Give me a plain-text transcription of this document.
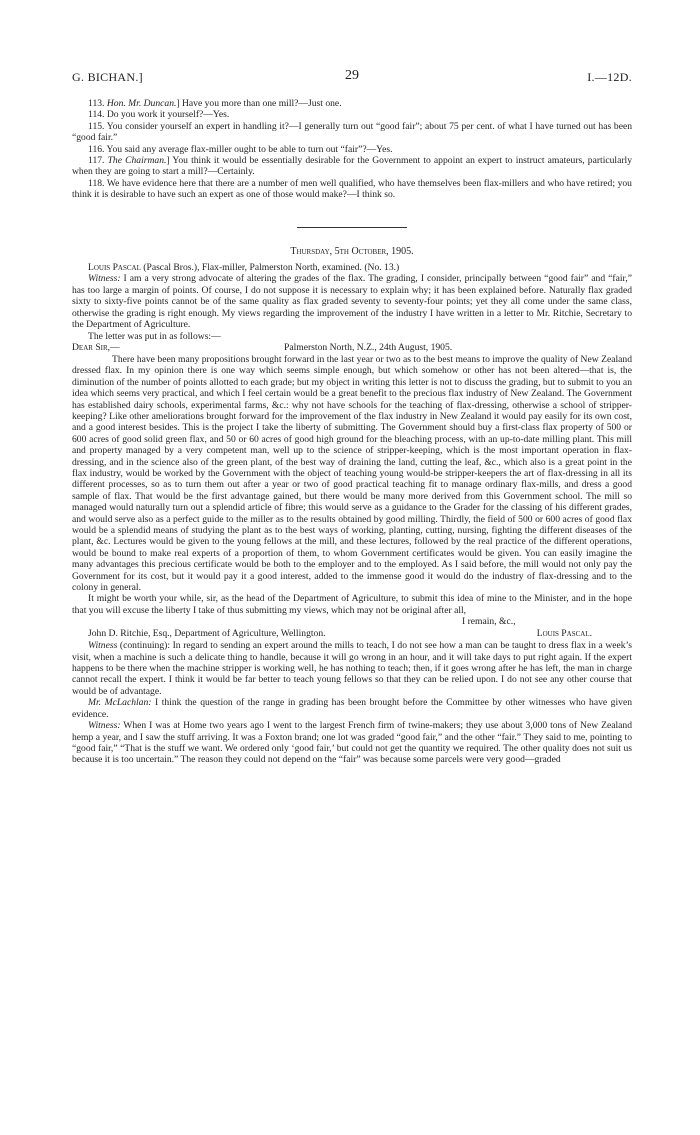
G. BICHAN.]	29	I.—12D.

113. Hon. Mr. Duncan.] Have you more than one mill?—Just one.

114. Do you work it yourself?—Yes.

115. You consider yourself an expert in handling it?—I generally turn out “good fair”; about 75 per cent. of what I have turned out has been “good fair.”

116. You said any average flax-miller ought to be able to turn out “fair”?—Yes.

117. The Chairman.] You think it would be essentially desirable for the Government to appoint an expert to instruct amateurs, particularly when they are going to start a mill?—Certainly.

118. We have evidence here that there are a number of men well qualified, who have themselves been flax-millers and who have retired; you think it is desirable to have such an expert as one of those would make?—I think so.

Thursday, 5th October, 1905.

Louis Pascal (Pascal Bros.), Flax-miller, Palmerston North, examined. (No. 13.)

Witness: I am a very strong advocate of altering the grades of the flax. The grading, I consider, principally between “good fair” and “fair,” has too large a margin of points. Of course, I do not suppose it is necessary to explain why; it has been explained before. Naturally flax graded sixty to sixty-five points cannot be of the same quality as flax graded seventy to seventy-four points; yet they all come under the same class, otherwise the grading is right enough. My views regarding the improvement of the industry I have written in a letter to Mr. Ritchie, Secretary to the Department of Agriculture.

The letter was put in as follows:—

Dear Sir,—	Palmerston North, N.Z., 24th August, 1905.

There have been many propositions brought forward in the last year or two as to the best means to improve the quality of New Zealand dressed flax. In my opinion there is one way which seems simple enough, but which somehow or other has not been altered—that is, the diminution of the number of points allotted to each grade; but my object in writing this letter is not to discuss the grading, but to submit to you an idea which seems very practical, and which I feel certain would be a great benefit to the precious flax industry of New Zealand. The Government has established dairy schools, experimental farms, &c.: why not have schools for the teaching of flax-dressing, otherwise a school of stripper-keeping? Like other ameliorations brought forward for the improvement of the flax industry in New Zealand it would pay easily for its own cost, and a good interest besides. This is the project I take the liberty of submitting. The Government should buy a first-class flax property of 500 or 600 acres of good solid green flax, and 50 or 60 acres of good high ground for the bleaching process, with an up-to-date milling plant. This mill and property managed by a very competent man, well up to the science of stripper-keeping, which is the most important operation in flax-dressing, and in the science also of the green plant, of the best way of draining the land, cutting the leaf, &c., which also is a great point in the flax industry, would be worked by the Government with the object of teaching young would-be stripper-keepers the art of flax-dressing in all its different processes, so as to turn them out after a year or two of good practical teaching fit to manage ordinary flax-mills, and dress a good sample of flax. That would be the first advantage gained, but there would be many more derived from this Government school. The mill so managed would naturally turn out a splendid article of fibre; this would serve as a guidance to the Grader for the classing of his different grades, and would serve also as a perfect guide to the miller as to the results obtained by good milling. Thirdly, the field of 500 or 600 acres of good flax would be a splendid means of studying the plant as to the best ways of working, planting, cutting, nursing, fighting the different diseases of the plant, &c. Lectures would be given to the young fellows at the mill, and these lectures, followed by the real practice of the different operations, would be bound to make real experts of a proportion of them, to whom Government certificates would be given. You can easily imagine the many advantages this precious certificate would be both to the employer and to the employed. As I said before, the mill would not only pay the Government for its cost, but it would pay it a good interest, added to the immense good it would do the industry of flax-dressing and to the colony in general.

It might be worth your while, sir, as the head of the Department of Agriculture, to submit this idea of mine to the Minister, and in the hope that you will excuse the liberty I take of thus submitting my views, which may not be original after all,

I remain, &c.,
John D. Ritchie, Esq., Department of Agriculture, Wellington.	Louis Pascal.

Witness (continuing): In regard to sending an expert around the mills to teach, I do not see how a man can be taught to dress flax in a week’s visit, when a machine is such a delicate thing to handle, because it will go wrong in an hour, and it will take days to put right again. If the expert happens to be there when the machine stripper is working well, he has nothing to teach; then, if it goes wrong after he has left, the man in charge cannot recall the expert. I think it would be far better to teach young fellows so that they can be relied upon. I do not see any other course that would be of advantage.

Mr. McLachlan: I think the question of the range in grading has been brought before the Committee by other witnesses who have given evidence.

Witness: When I was at Home two years ago I went to the largest French firm of twine-makers; they use about 3,000 tons of New Zealand hemp a year, and I saw the stuff arriving. It was a Foxton brand; one lot was graded “good fair,” and the other “fair.” They said to me, pointing to “good fair,” “That is the stuff we want. We ordered only ‘good fair,’ but could not get the quantity we required. The other quality does not suit us because it is too uncertain.” The reason they could not depend on the “fair” was because some parcels were very good—graded
